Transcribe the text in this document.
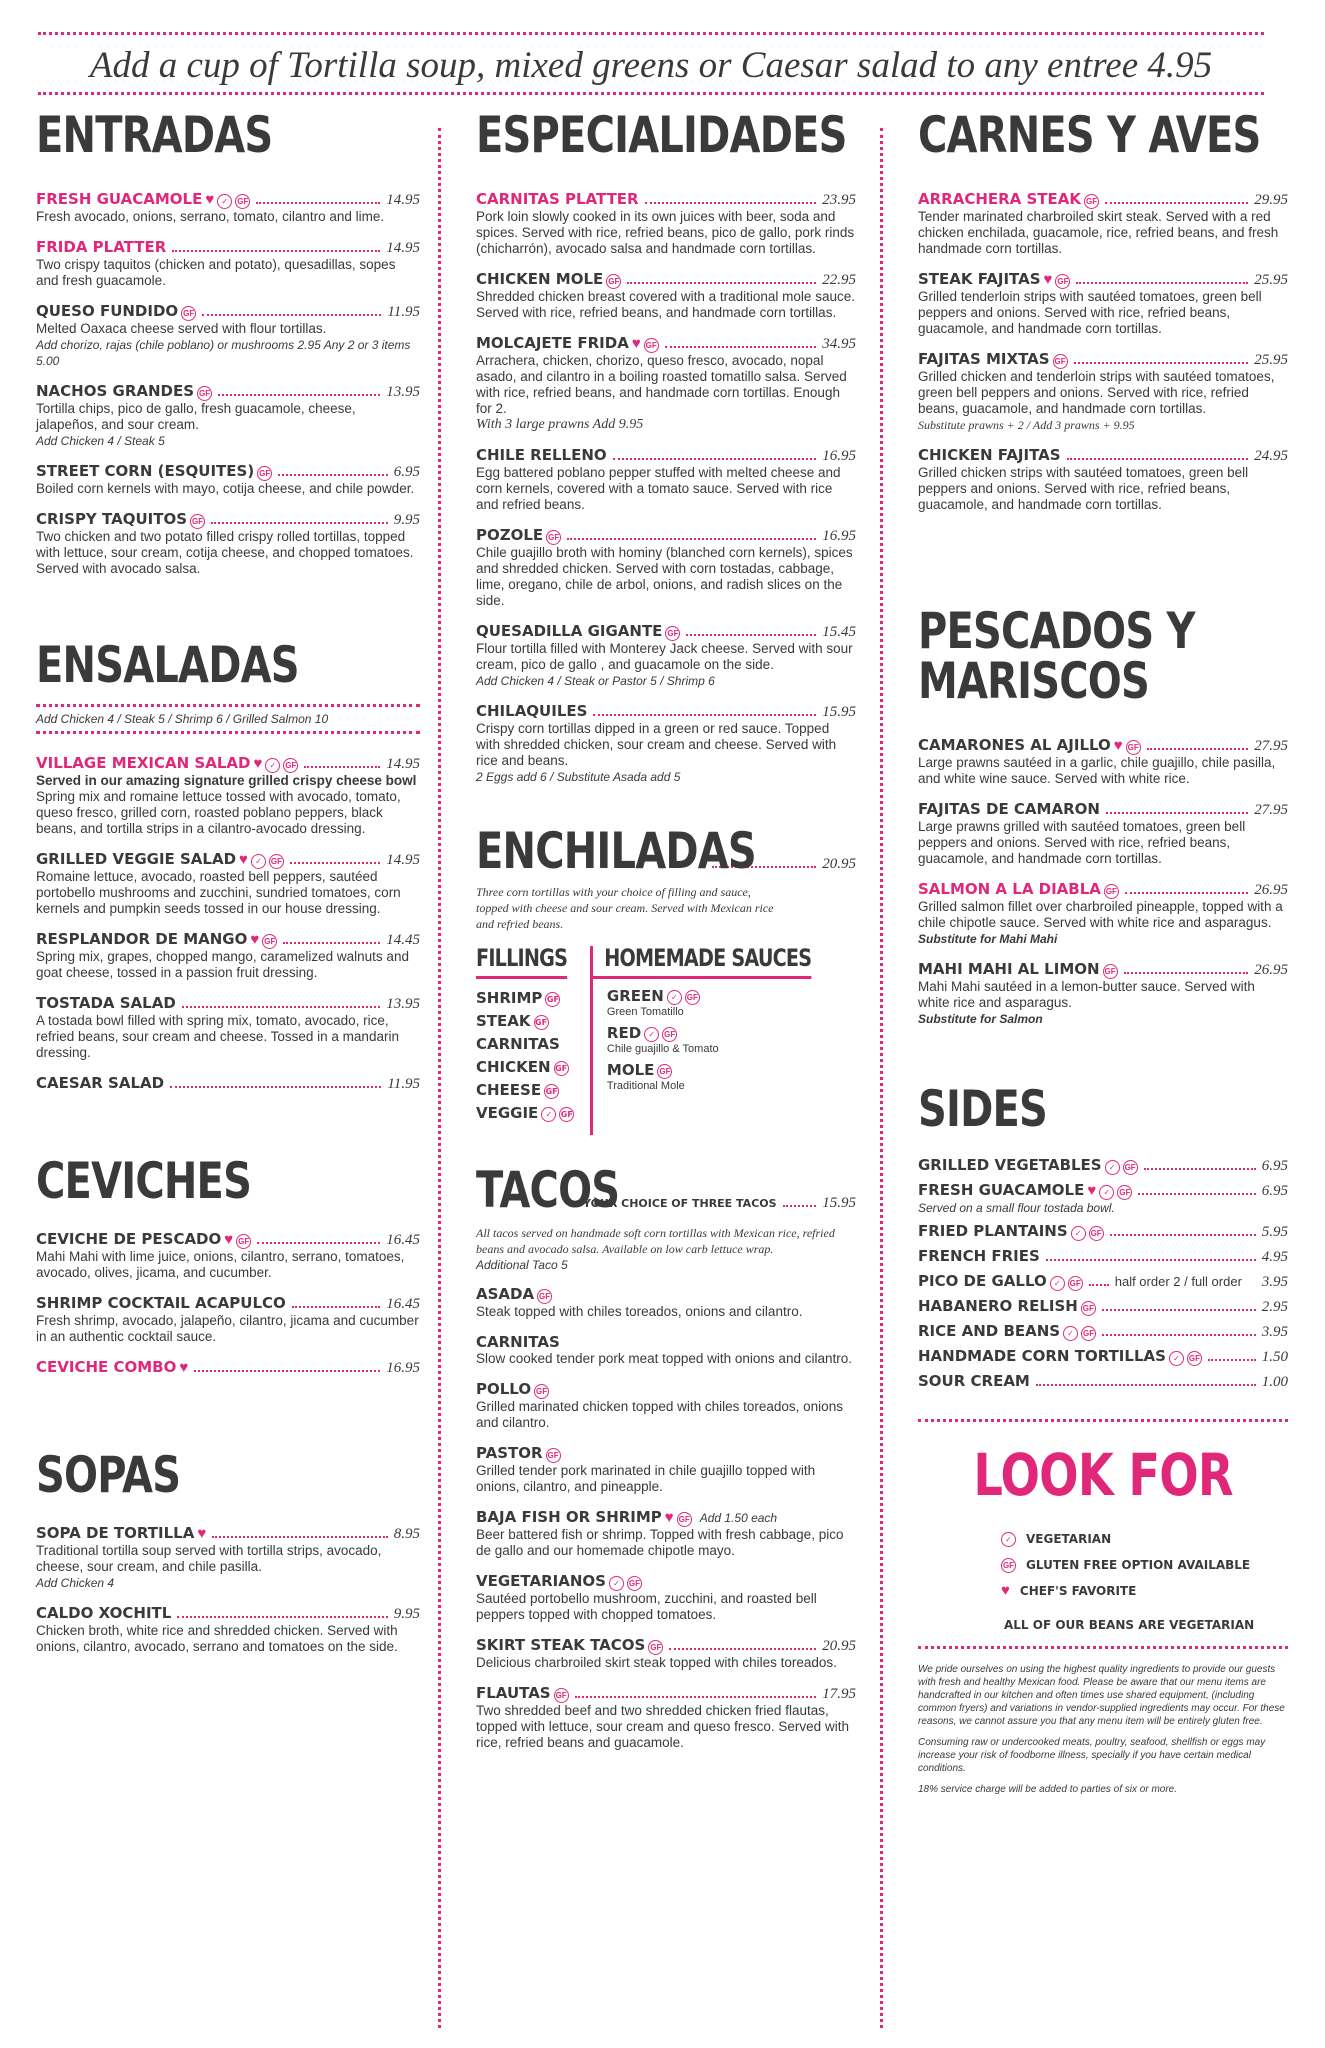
Add a cup of Tortilla soup, mixed greens or Caesar salad to any entree 4.95
ENTRADAS
FRESH GUACAMOLE ♥ ✓	GF	14.95
Fresh avocado, onions, serrano, tomato, cilantro and lime.
FRIDA PLATTER	14.95
Two crispy taquitos (chicken and potato), quesadillas, sopes and fresh guacamole.
QUESO FUNDIDO GF	11.95
Melted Oaxaca cheese served with flour tortillas.
Add chorizo, rajas (chile poblano) or mushrooms 2.95 Any 2 or 3 items 5.00
NACHOS GRANDES GF	13.95
Tortilla chips, pico de gallo, fresh guacamole, cheese, jalapeños, and sour cream.
Add Chicken 4 / Steak 5
STREET CORN (ESQUITES) GF	6.95
Boiled corn kernels with mayo, cotija cheese, and chile powder.
CRISPY TAQUITOS GF	9.95
Two chicken and two potato filled crispy rolled tortillas, topped with lettuce, sour cream, cotija cheese, and chopped tomatoes. Served with avocado salsa.
ENSALADAS
Add Chicken 4 / Steak 5 / Shrimp 6 / Grilled Salmon 10
VILLAGE MEXICAN SALAD ♥ ✓	GF	14.95
Served in our amazing signature grilled crispy cheese bowl
Spring mix and romaine lettuce tossed with avocado, tomato, queso fresco, grilled corn, roasted poblano peppers, black beans, and tortilla strips in a cilantro-avocado dressing.
GRILLED VEGGIE SALAD ♥ ✓	GF	14.95
Romaine lettuce, avocado, roasted bell peppers, sautéed portobello mushrooms and zucchini, sundried tomatoes, corn kernels and pumpkin seeds tossed in our house dressing.
RESPLANDOR DE MANGO ♥ GF	14.45
Spring mix, grapes, chopped mango, caramelized walnuts and goat cheese, tossed in a passion fruit dressing.
TOSTADA SALAD	13.95
A tostada bowl filled with spring mix, tomato, avocado, rice, refried beans, sour cream and cheese. Tossed in a mandarin dressing.
CAESAR SALAD	11.95
CEVICHES
CEVICHE DE PESCADO ♥ GF	16.45
Mahi Mahi with lime juice, onions, cilantro, serrano, tomatoes, avocado, olives, jicama, and cucumber.
SHRIMP COCKTAIL ACAPULCO	16.45
Fresh shrimp, avocado, jalapeño, cilantro, jicama and cucumber in an authentic cocktail sauce.
CEVICHE COMBO ♥	16.95
SOPAS
SOPA DE TORTILLA ♥	8.95
Traditional tortilla soup served with tortilla strips, avocado, cheese, sour cream, and chile pasilla.
Add Chicken 4
CALDO XOCHITL	9.95
Chicken broth, white rice and shredded chicken. Served with onions, cilantro, avocado, serrano and tomatoes on the side.
ESPECIALIDADES
CARNITAS PLATTER	23.95
Pork loin slowly cooked in its own juices with beer, soda and spices. Served with rice, refried beans, pico de gallo, pork rinds (chicharrón), avocado salsa and handmade corn tortillas.
CHICKEN MOLE GF	22.95
Shredded chicken breast covered with a traditional mole sauce. Served with rice, refried beans, and handmade corn tortillas.
MOLCAJETE FRIDA ♥ GF	34.95
Arrachera, chicken, chorizo, queso fresco, avocado, nopal asado, and cilantro in a boiling roasted tomatillo salsa. Served with rice, refried beans, and handmade corn tortillas. Enough for 2.
With 3 large prawns Add 9.95
CHILE RELLENO	16.95
Egg battered poblano pepper stuffed with melted cheese and corn kernels, covered with a tomato sauce. Served with rice and refried beans.
POZOLE GF	16.95
Chile guajillo broth with hominy (blanched corn kernels), spices and shredded chicken. Served with corn tostadas, cabbage, lime, oregano, chile de arbol, onions, and radish slices on the side.
QUESADILLA GIGANTE GF	15.45
Flour tortilla filled with Monterey Jack cheese. Served with sour cream, pico de gallo , and guacamole on the side.
Add Chicken 4 / Steak or Pastor 5 / Shrimp 6
CHILAQUILES	15.95
Crispy corn tortillas dipped in a green or red sauce. Topped with shredded chicken, sour cream and cheese. Served with rice and beans.
2 Eggs add 6 / Substitute Asada add 5
ENCHILADAS	20.95
Three corn tortillas with your choice of filling and sauce, topped with cheese and sour cream. Served with Mexican rice and refried beans.
FILLINGS
SHRIMP GF
STEAK GF
CARNITAS
CHICKEN GF
CHEESE GF
VEGGIE ✓ GF
HOMEMADE SAUCES
GREEN ✓ GF
Green Tomatillo
RED ✓ GF
Chile guajillo & Tomato
MOLE GF
Traditional Mole
TACOS
YOUR CHOICE OF THREE TACOS	15.95
All tacos served on handmade soft corn tortillas with Mexican rice, refried beans and avocado salsa. Available on low carb lettuce wrap.
Additional Taco 5
ASADA GF
Steak topped with chiles toreados, onions and cilantro.
CARNITAS
Slow cooked tender pork meat topped with onions and cilantro.
POLLO GF
Grilled marinated chicken topped with chiles toreados, onions and cilantro.
PASTOR GF
Grilled tender pork marinated in chile guajillo topped with onions, cilantro, and pineapple.
BAJA FISH OR SHRIMP ♥ GF Add 1.50 each
Beer battered fish or shrimp. Topped with fresh cabbage, pico de gallo and our homemade chipotle mayo.
VEGETARIANOS ✓	GF
Sautéed portobello mushroom, zucchini, and roasted bell peppers topped with chopped tomatoes.
SKIRT STEAK TACOS GF	20.95
Delicious charbroiled skirt steak topped with chiles toreados.
FLAUTAS GF	17.95
Two shredded beef and two shredded chicken fried flautas, topped with lettuce, sour cream and queso fresco. Served with rice, refried beans and guacamole.
CARNES Y AVES
ARRACHERA STEAK GF	29.95
Tender marinated charbroiled skirt steak. Served with a red chicken enchilada, guacamole, rice, refried beans, and fresh handmade corn tortillas.
STEAK FAJITAS ♥ GF	25.95
Grilled tenderloin strips with sautéed tomatoes, green bell peppers and onions. Served with rice, refried beans, guacamole, and handmade corn tortillas.
FAJITAS MIXTAS GF	25.95
Grilled chicken and tenderloin strips with sautéed tomatoes, green bell peppers and onions. Served with rice, refried beans, guacamole, and handmade corn tortillas.
Substitute prawns + 2 / Add 3 prawns + 9.95
CHICKEN FAJITAS	24.95
Grilled chicken strips with sautéed tomatoes, green bell peppers and onions. Served with rice, refried beans, guacamole, and handmade corn tortillas.
PESCADOS Y
MARISCOS
CAMARONES AL AJILLO ♥ GF	27.95
Large prawns sautéed in a garlic, chile guajillo, chile pasilla, and white wine sauce. Served with white rice.
FAJITAS DE CAMARON	27.95
Large prawns grilled with sautéed tomatoes, green bell peppers and onions. Served with rice, refried beans, guacamole, and handmade corn tortillas.
SALMON A LA DIABLA GF	26.95
Grilled salmon fillet over charbroiled pineapple, topped with a chile chipotle sauce. Served with white rice and asparagus.
Substitute for Mahi Mahi
MAHI MAHI AL LIMON GF	26.95
Mahi Mahi sautéed in a lemon-butter sauce. Served with white rice and asparagus.
Substitute for Salmon
SIDES
GRILLED VEGETABLES ✓	GF	6.95
FRESH GUACAMOLE ♥ ✓	GF	6.95
Served on a small flour tostada bowl.
FRIED PLANTAINS ✓	GF	5.95
FRENCH FRIES	4.95
PICO DE GALLO ✓	GF	half order 2 / full order 3.95
HABANERO RELISH GF	2.95
RICE AND BEANS ✓	GF	3.95
HANDMADE CORN TORTILLAS ✓	GF	1.50
SOUR CREAM	1.00
LOOK FOR
✓ VEGETARIAN
GF GLUTEN FREE OPTION AVAILABLE
♥ CHEF'S FAVORITE
ALL OF OUR BEANS ARE VEGETARIAN
We pride ourselves on using the highest quality ingredients to provide our guests with fresh and healthy Mexican food. Please be aware that our menu items are handcrafted in our kitchen and often times use shared equipment, (including common fryers) and variations in vendor-supplied ingredients may occur. For these reasons, we cannot assure you that any menu item will be entirely gluten free.
Consuming raw or undercooked meats, poultry, seafood, shellfish or eggs may increase your risk of foodborne illness, specially if you have certain medical conditions.
18% service charge will be added to parties of six or more.
